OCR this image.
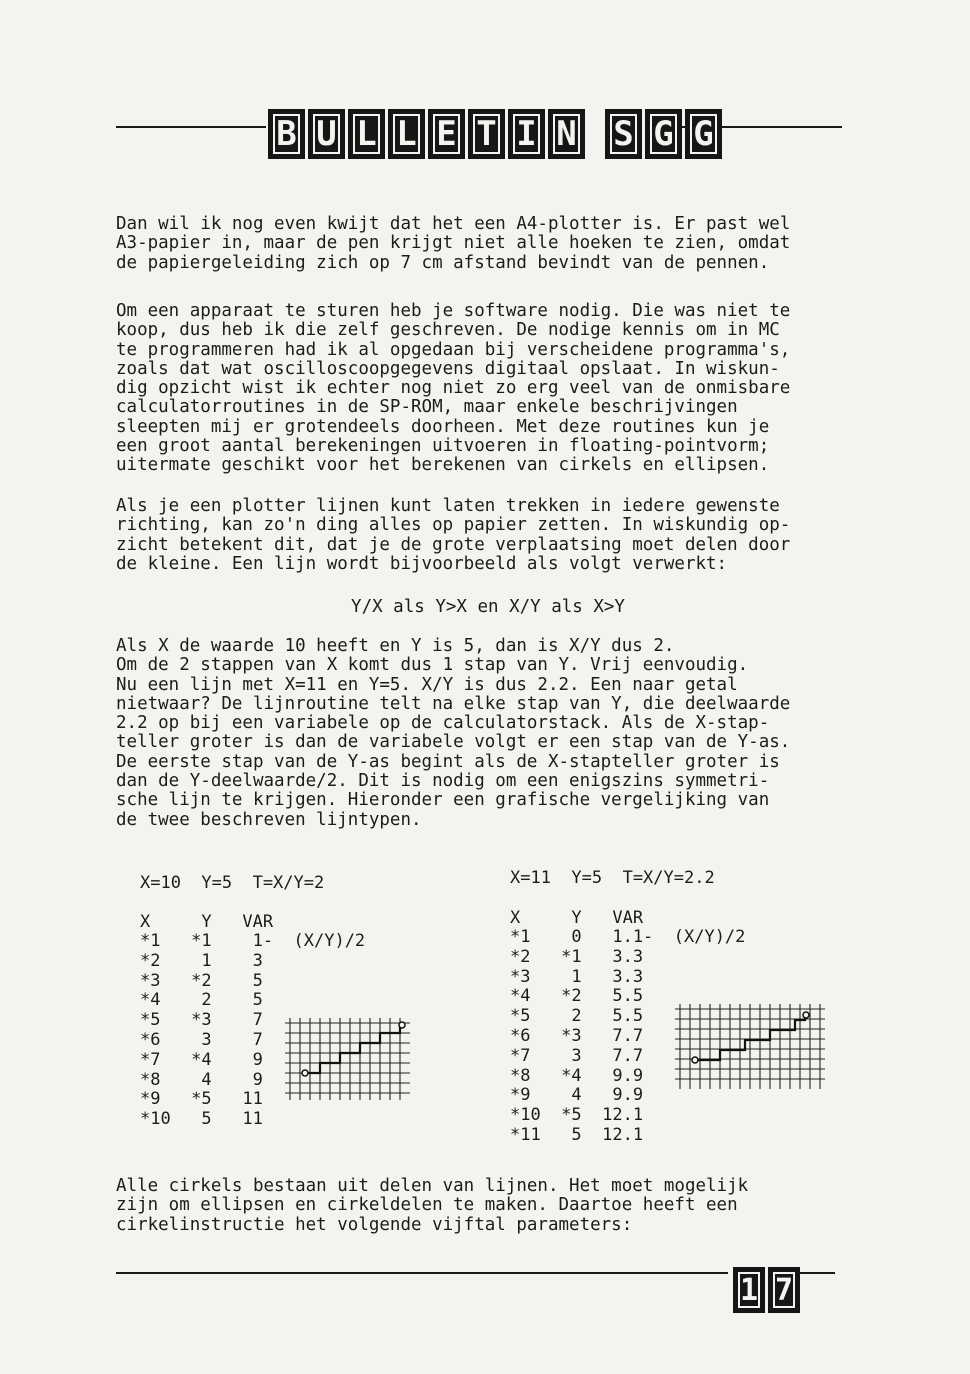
B U L L E T I N S G G
Dan wil ik nog even kwijt dat het een A4-plotter is. Er past wel
A3-papier in, maar de pen krijgt niet alle hoeken te zien, omdat
de papiergeleiding zich op 7 cm afstand bevindt van de pennen.
Om een apparaat te sturen heb je software nodig. Die was niet te
koop, dus heb ik die zelf geschreven. De nodige kennis om in MC
te programmeren had ik al opgedaan bij verscheidene programma's,
zoals dat wat oscilloscoopgegevens digitaal opslaat. In wiskun-
dig opzicht wist ik echter nog niet zo erg veel van de onmisbare
calculatorroutines in de SP-ROM, maar enkele beschrijvingen
sleepten mij er grotendeels doorheen. Met deze routines kun je
een groot aantal berekeningen uitvoeren in floating-pointvorm;
uitermate geschikt voor het berekenen van cirkels en ellipsen.
Als je een plotter lijnen kunt laten trekken in iedere gewenste
richting, kan zo'n ding alles op papier zetten. In wiskundig op-
zicht betekent dit, dat je de grote verplaatsing moet delen door
de kleine. Een lijn wordt bijvoorbeeld als volgt verwerkt:
Y/X als Y>X en X/Y als X>Y
Als X de waarde 10 heeft en Y is 5, dan is X/Y dus 2.
Om de 2 stappen van X komt dus 1 stap van Y. Vrij eenvoudig.
Nu een lijn met X=11 en Y=5. X/Y is dus 2.2. Een naar getal
nietwaar? De lijnroutine telt na elke stap van Y, die deelwaarde
2.2 op bij een variabele op de calculatorstack. Als de X-stap-
teller groter is dan de variabele volgt er een stap van de Y-as.
De eerste stap van de Y-as begint als de X-stapteller groter is
dan de Y-deelwaarde/2. Dit is nodig om een enigszins symmetri-
sche lijn te krijgen. Hieronder een grafische vergelijking van
de twee beschreven lijntypen.
X=10  Y=5  T=X/Y=2
X     Y   VAR
*1   *1    1-  (X/Y)/2
*2    1    3
*3   *2    5
*4    2    5
*5   *3    7
*6    3    7
*7   *4    9
*8    4    9
*9   *5   11
*10   5   11
X=11  Y=5  T=X/Y=2.2
X     Y   VAR
*1    0   1.1-  (X/Y)/2
*2   *1   3.3
*3    1   3.3
*4   *2   5.5
*5    2   5.5
*6   *3   7.7
*7    3   7.7
*8   *4   9.9
*9    4   9.9
*10  *5  12.1
*11   5  12.1
Alle cirkels bestaan uit delen van lijnen. Het moet mogelijk
zijn om ellipsen en cirkeldelen te maken. Daartoe heeft een
cirkelinstructie het volgende vijftal parameters:
1 7
